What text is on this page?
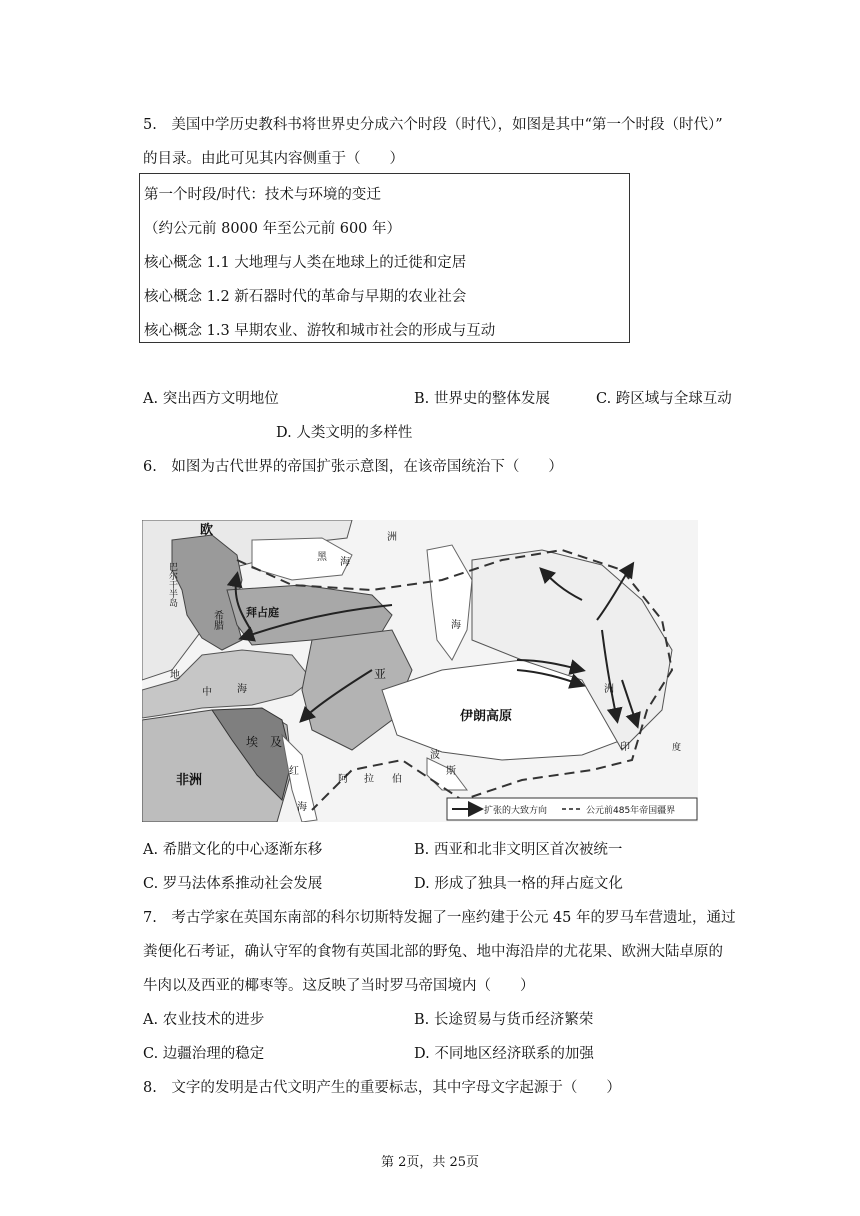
5.　美国中学历史教科书将世界史分成六个时段（时代），如图是其中“第一个时段（时代）”
的目录。由此可见其内容侧重于（　　）
第一个时段/时代：技术与环境的变迁
（约公元前 8000 年至公元前 600 年）
核心概念 1.1 大地理与人类在地球上的迁徙和定居
核心概念 1.2 新石器时代的革命与早期的农业社会
核心概念 1.3 早期农业、游牧和城市社会的形成与互动
A. 突出西方文明地位	B. 世界史的整体发展	C. 跨区域与全球互动
D. 人类文明的多样性
6.　如图为古代世界的帝国扩张示意图，在该帝国统治下（　　）
欧	洲
巴尔干半岛
希腊 拜占庭
黑 海
地
中	海
亚
海
伊朗高原
洲
非洲
埃 及
红
海
阿 拉 伯
波
斯
印	度
扩张的大致方向	公元前485年帝国疆界
A. 希腊文化的中心逐渐东移	B. 西亚和北非文明区首次被统一
C. 罗马法体系推动社会发展	D. 形成了独具一格的拜占庭文化
7.　考古学家在英国东南部的科尔切斯特发掘了一座约建于公元 45 年的罗马车营遗址，通过
粪便化石考证，确认守军的食物有英国北部的野兔、地中海沿岸的尤花果、欧洲大陆卓原的
牛肉以及西亚的椰枣等。这反映了当时罗马帝国境内（　　）
A. 农业技术的进步	B. 长途贸易与货币经济繁荣
C. 边疆治理的稳定	D. 不同地区经济联系的加强
8.　文字的发明是古代文明产生的重要标志，其中字母文字起源于（　　）
第 2页，共 25页
